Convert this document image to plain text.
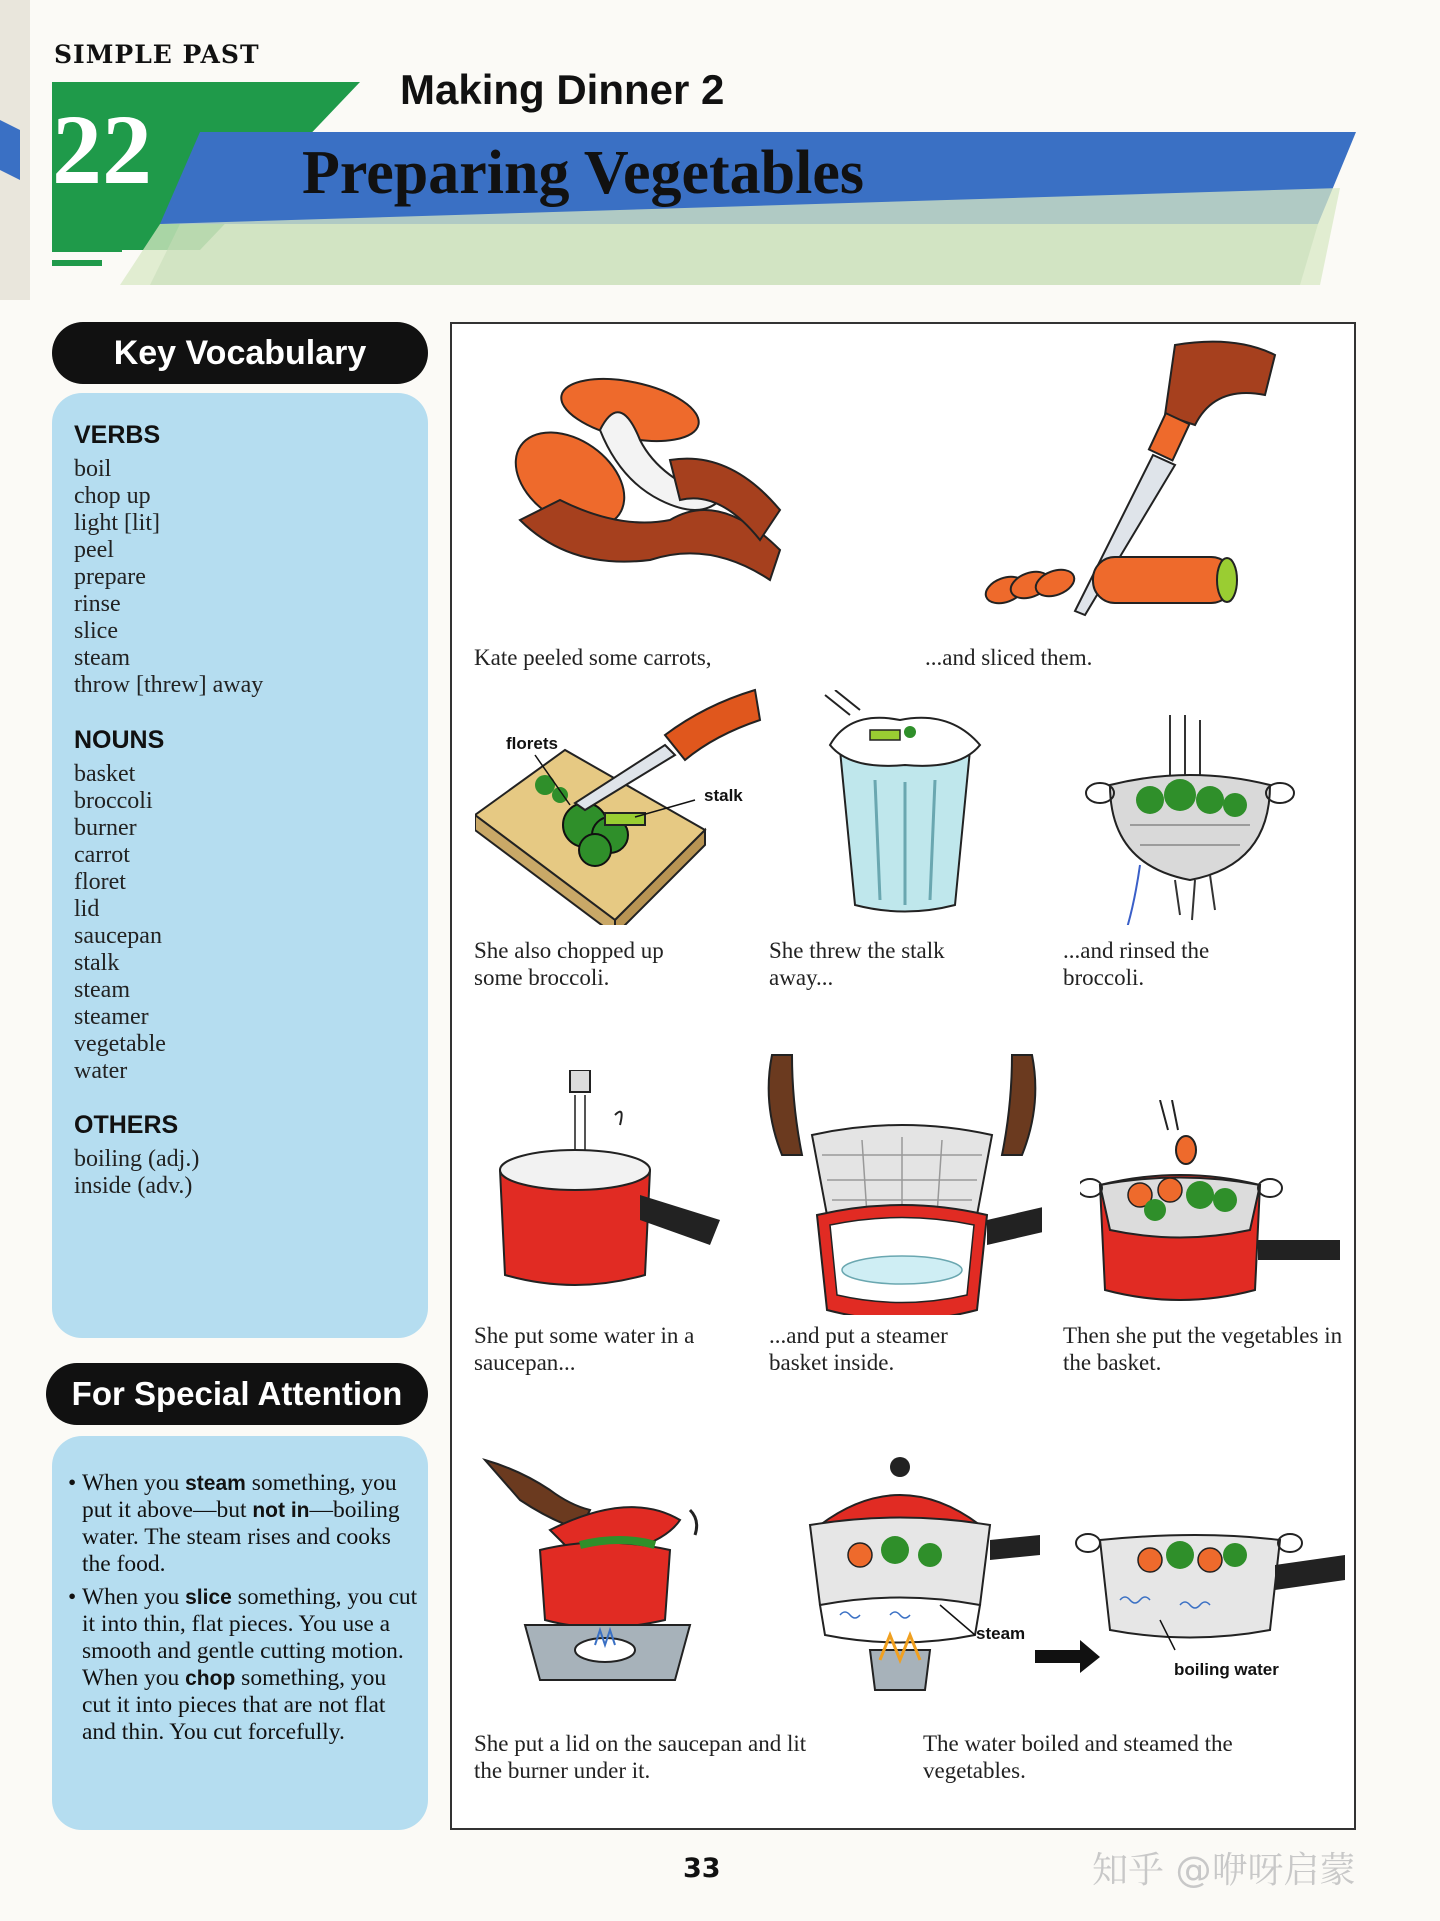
SIMPLE PAST
Making Dinner 2
22 Preparing Vegetables
Key Vocabulary
VERBS
boil
chop up
light [lit]
peel
prepare
rinse
slice
steam
throw [threw] away
NOUNS
basket
broccoli
burner
carrot
floret
lid
saucepan
stalk
steam
steamer
vegetable
water
OTHERS
boiling (adj.)
inside (adv.)
For Special Attention

• When you steam something, you put it above—but not in—boiling water. The steam rises and cooks the food.

• When you slice something, you cut it into thin, flat pieces. You use a smooth and gentle cutting motion. When you chop something, you cut it into pieces that are not flat and thin. You cut forcefully.

Kate peeled some carrots,	...and sliced them.
florets
stalk
She also chopped up some broccoli.
She threw the stalk away...
...and rinsed the broccoli.
She put some water in a saucepan...
...and put a steamer basket inside.
Then she put the vegetables in the basket.
She put a lid on the saucepan and lit the burner under it.
steam
boiling water
The water boiled and steamed the vegetables.
33	知乎 @咿呀启蒙
